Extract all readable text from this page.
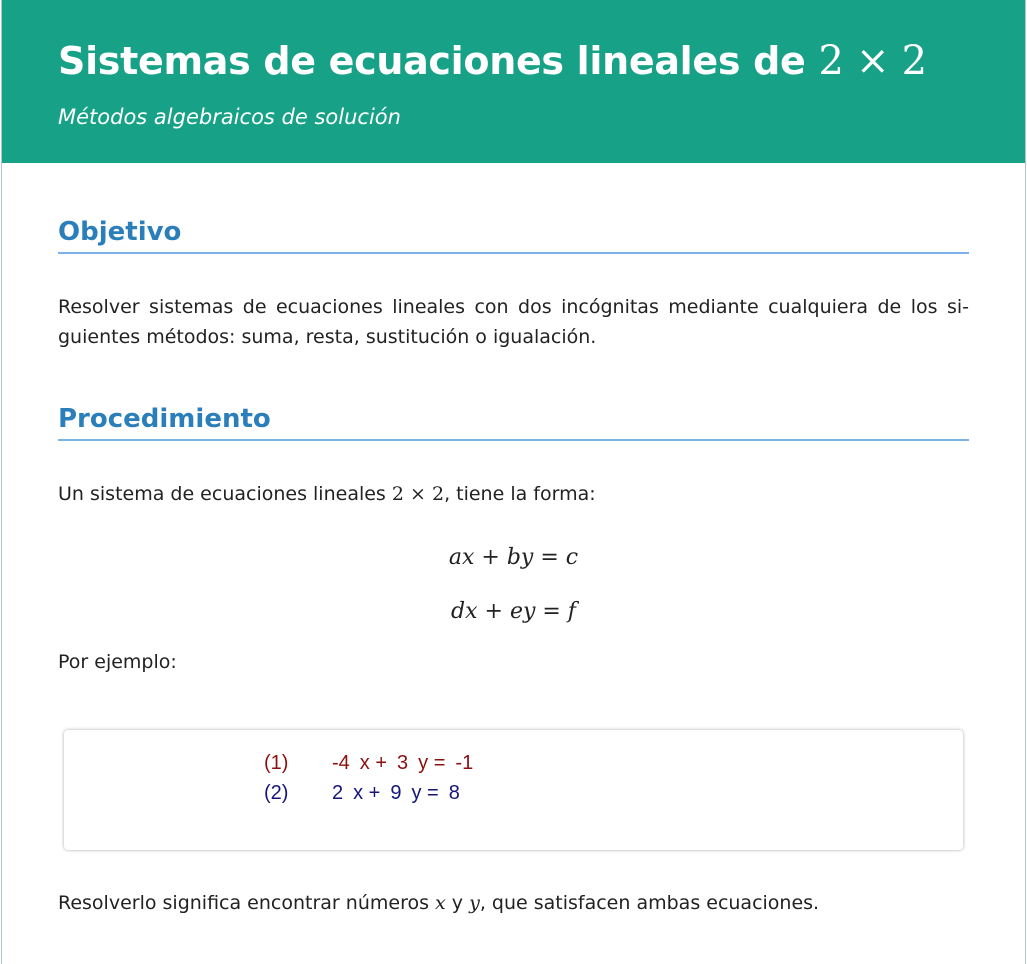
Sistemas de ecuaciones lineales de 2 × 2

Métodos algebraicos de solución

Objetivo

Resolver sistemas de ecuaciones lineales con dos incógnitas mediante cualquiera de los siguientes métodos: suma, resta, sustitución o igualación.

Procedimiento

Un sistema de ecuaciones lineales 2 × 2, tiene la forma:

ax + by = c
dx + ey = f

Por ejemplo:

(1) -4 x + 3 y = -1
(2) 2 x + 9 y = 8

Resolverlo significa encontrar números x y y, que satisfacen ambas ecuaciones.
